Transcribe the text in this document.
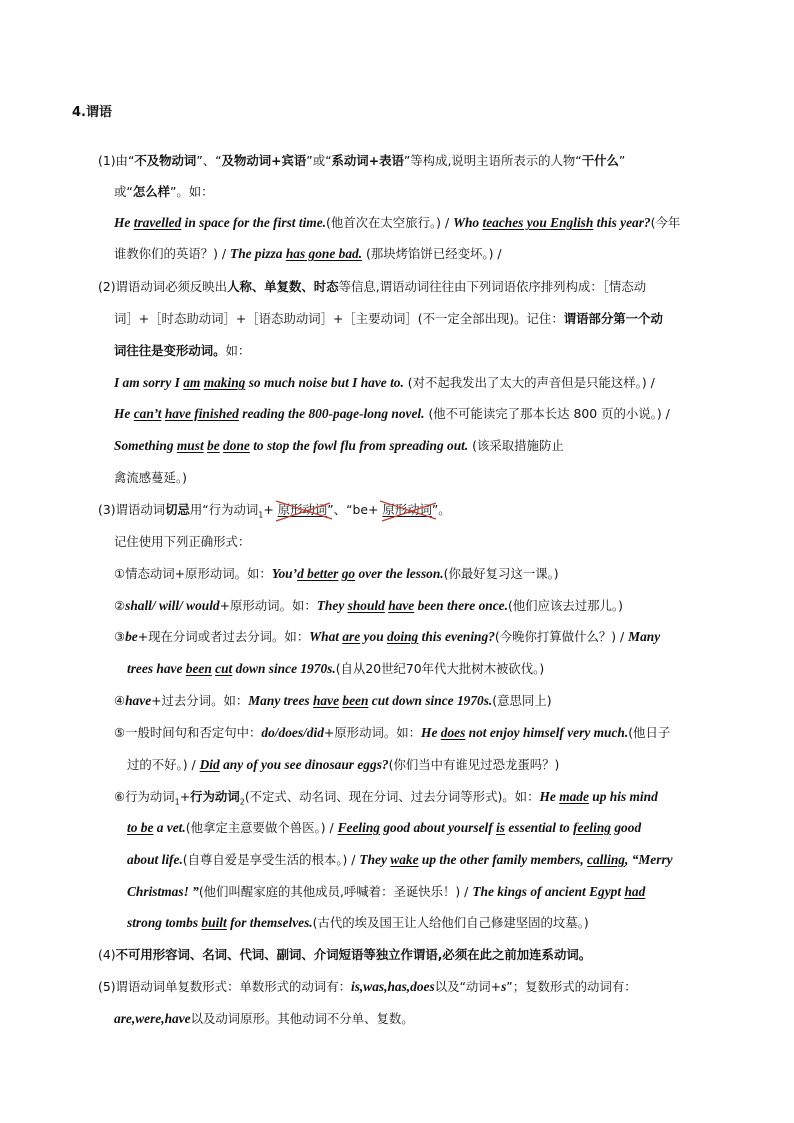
4.谓语
(1)由“不及物动词”、“及物动词+宾语”或“系动词+表语”等构成,说明主语所表示的人物“干什么”
或“怎么样”。如：
He travelled in space for the first time.(他首次在太空旅行。) / Who teaches you English this year?(今年
谁教你们的英语？) / The pizza has gone bad. (那块烤馅饼已经变坏。) /
(2)谓语动词必须反映出人称、单复数、时态等信息,谓语动词往往由下列词语依序排列构成：［情态动
词］+［时态助动词］+［语态助动词］+［主要动词］(不一定全部出现)。记住：谓语部分第一个动
词往往是变形动词。如：
I am sorry I am making so much noise but I have to. (对不起我发出了太大的声音但是只能这样。) /
He can’t have finished reading the 800-page-long novel. (他不可能读完了那本长达 800 页的小说。) /
Something must be done to stop the fowl flu from spreading out. (该采取措施防止
禽流感蔓延。)
(3)谓语动词切忌用“行为动词$_1$+ 原形动词
”、“be+ 原形动词
”。
记住使用下列正确形式：
①情态动词+原形动词。如：You’d better go over the lesson.(你最好复习这一课。)
②shall/ will/ would+原形动词。如：They should have been there once.(他们应该去过那儿。)
③be+现在分词或者过去分词。如：What are you doing this evening?(今晚你打算做什么？) / Many
trees have been cut down since 1970s.(自从20世纪70年代大批树木被砍伐。)
④have+过去分词。如：Many trees have been cut down since 1970s.(意思同上)
⑤一般时间句和否定句中：do/does/did+原形动词。如：He does not enjoy himself very much.(他日子
过的不好。) / Did any of you see dinosaur eggs?(你们当中有谁见过恐龙蛋吗？)
⑥行为动词$_1$+行为动词$_2$(不定式、动名词、现在分词、过去分词等形式)。如：He made up his mind
to be a vet.(他拿定主意要做个兽医。) / Feeling good about yourself is essential to feeling good
about life.(自尊自爱是享受生活的根本。) / They wake up the other family members, calling, “Merry
Christmas! ”(他们叫醒家庭的其他成员,呼喊着：圣诞快乐！) / The kings of ancient Egypt had
strong tombs built for themselves.(古代的埃及国王让人给他们自己修建坚固的坟墓。)
(4)不可用形容词、名词、代词、副词、介词短语等独立作谓语,必须在此之前加连系动词。
(5)谓语动词单复数形式：单数形式的动词有：is,was,has,does以及“动词+s”；复数形式的动词有：
are,were,have以及动词原形。其他动词不分单、复数。
